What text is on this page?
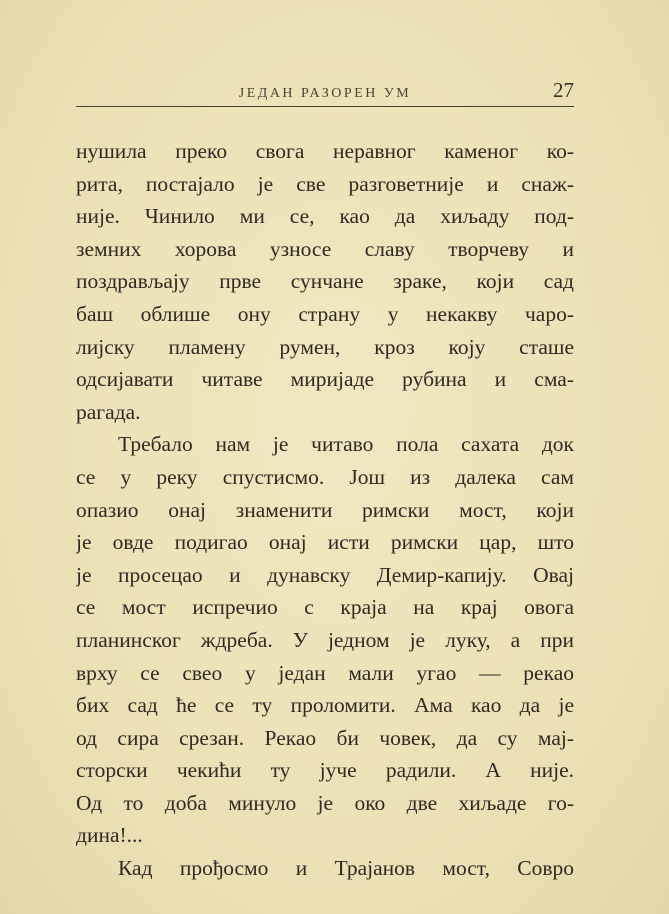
ЈЕДАН РАЗОРЕН УМ	27
нушила преко свога неравног каменог ко-
рита, постајало је све разговетније и снаж-
није. Чинило ми се, као да хиљаду под-
земних хорова узносе славу творчеву и
поздрављају прве сунчане зраке, који сад
баш облише ону страну у некакву чаро-
лијску пламену румен, кроз коју сташе
одсијавати читаве миријаде рубина и сма-
рагада.
Требало нам је читаво пола сахата док
се у реку спустисмо. Још из далека сам
опазио онај знаменити римски мост, који
је овде подигао онај исти римски цар, што
је просецао и дунавску Демир-капију. Овај
се мост испречио с краја на крај овога
планинског ждреба. У једном је луку, а при
врху се свео у један мали угао — рекао
бих сад ће се ту проломити. Ама као да је
од сира срезан. Рекао би човек, да су мај-
сторски чекићи ту јуче радили. А није.
Од то доба минуло је око две хиљаде го-
дина!...
Кад прођосмо и Трајанов мост, Совро
